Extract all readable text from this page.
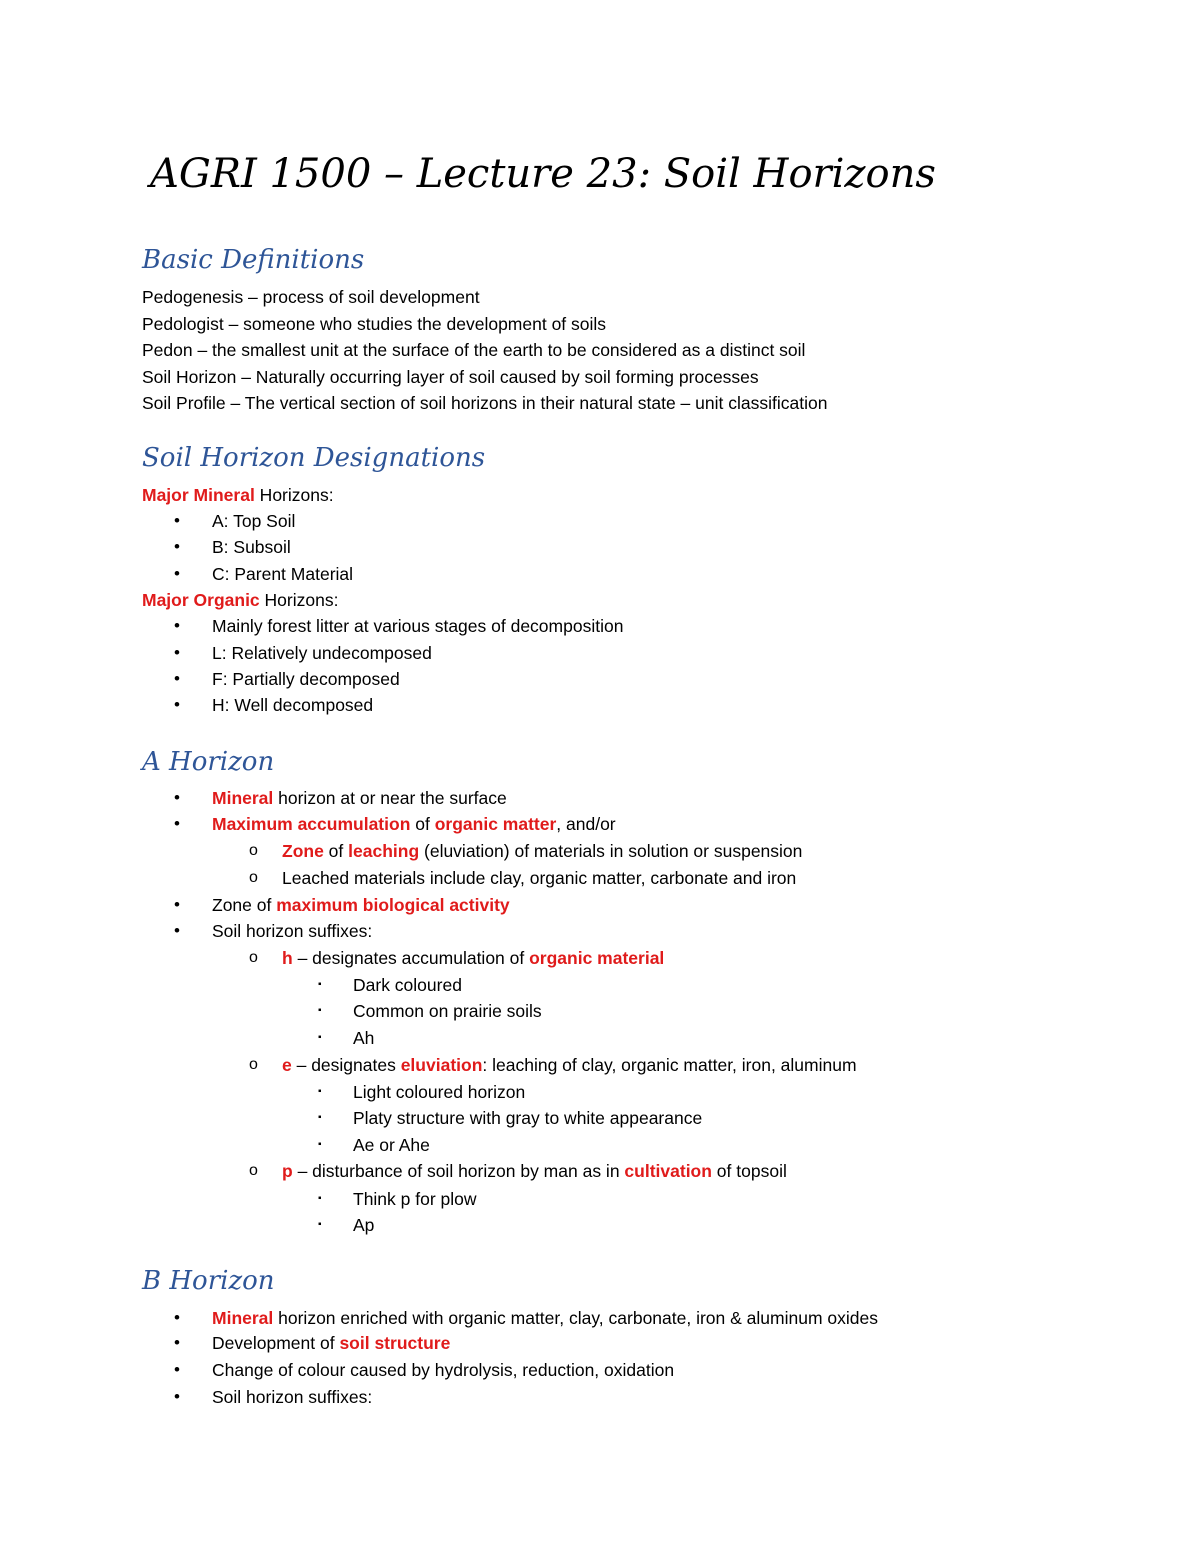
AGRI 1500 – Lecture 23: Soil Horizons
Basic Definitions
Pedogenesis – process of soil development
Pedologist – someone who studies the development of soils
Pedon – the smallest unit at the surface of the earth to be considered as a distinct soil
Soil Horizon – Naturally occurring layer of soil caused by soil forming processes
Soil Profile – The vertical section of soil horizons in their natural state – unit classification
Soil Horizon Designations
Major Mineral Horizons:
• A: Top Soil
• B: Subsoil
• C: Parent Material
Major Organic Horizons:
• Mainly forest litter at various stages of decomposition
• L: Relatively undecomposed
• F: Partially decomposed
• H: Well decomposed
A Horizon
• Mineral horizon at or near the surface
• Maximum accumulation of organic matter, and/or
o Zone of leaching (eluviation) of materials in solution or suspension
o Leached materials include clay, organic matter, carbonate and iron
• Zone of maximum biological activity
• Soil horizon suffixes:
o h – designates accumulation of organic material
▪ Dark coloured
▪ Common on prairie soils
▪ Ah
o e – designates eluviation: leaching of clay, organic matter, iron, aluminum
▪ Light coloured horizon
▪ Platy structure with gray to white appearance
▪ Ae or Ahe
o p – disturbance of soil horizon by man as in cultivation of topsoil
▪ Think p for plow
▪ Ap
B Horizon
• Mineral horizon enriched with organic matter, clay, carbonate, iron & aluminum oxides
• Development of soil structure
• Change of colour caused by hydrolysis, reduction, oxidation
• Soil horizon suffixes:
